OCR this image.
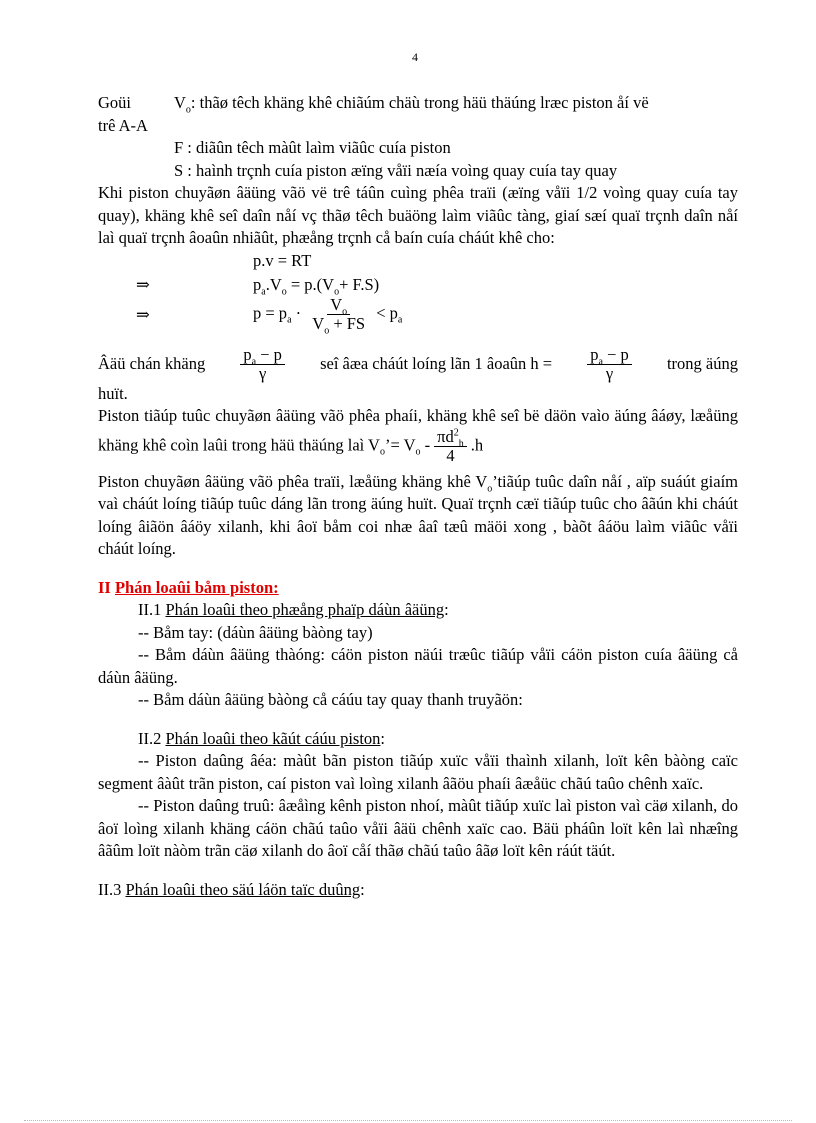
4
Goüi	$V_o$: thãø têch khäng khê chiãúm chäù trong häü thäúng lræc piston åí vë

trê A-A

F : diãûn têch màût laìm viãûc cuía piston

S : haình trçnh cuía piston æïng våïi næía voìng quay cuía tay quay

Khi piston chuyãøn âäüng vãö vë trê táûn cuìng phêa traïi (æïng våïi 1/2 voìng quay cuía tay quay), khäng khê seî daîn nåí vç thãø têch buäöng laìm viãûc tàng, giaí sæí quaï trçnh daîn nåí laì quaï trçnh âoaûn nhiãût, phæång trçnh cå baín cuía cháút khê cho:

p.v = RT
⇒	$p_a.V_o = p.(V_o+ F.S)$
⇒	$p = p_a \cdot \frac{V_o}{V_o + FS} < p_a$
Âäü chán khäng $\frac{p_a - p}{\gamma}$ seî âæa cháút loíng lãn 1 âoaûn $h = \frac{p_a - p}{\gamma}$ trong äúng

huït.

Piston tiãúp tuûc chuyãøn âäüng vãö phêa phaíi, khäng khê seî bë däön vaìo äúng âáøy, læåüng khäng khê coìn laûi trong häü thäúng laì $V_o’= V_o - \frac{\pi d^2_h}{4} .h$

Piston chuyãøn âäüng vãö phêa traïi, læåüng khäng khê $V_o’tiãúp$ tuûc daîn nåí , aïp suáút giaím vaì cháút loíng tiãúp tuûc dáng lãn trong äúng huït. Quaï trçnh cæï tiãúp tuûc cho âãún khi cháút loíng âiãön âáöy xilanh, khi âoï båm coi nhæ âaî tæû mäöi xong , bàõt âáöu laìm viãûc våïi cháút loíng.

II Phán loaûi båm piston:

II.1 Phán loaûi theo phæång phaïp dáùn âäüng:

-- Båm tay: (dáùn âäüng bàòng tay)

-- Båm dáùn âäüng thàóng: cáön piston näúi træûc tiãúp våïi cáön piston cuía âäüng cå dáùn âäüng.

-- Båm dáùn âäüng bàòng cå cáúu tay quay thanh truyãön:

II.2 Phán loaûi theo kãút cáúu piston:

-- Piston daûng âéa: màût bãn piston tiãúp xuïc våïi thaình xilanh, loït kên bàòng caïc segment âàût trãn piston, caí piston vaì loìng xilanh âãöu phaíi âæåüc chãú taûo chênh xaïc.

-- Piston daûng truû: âæåìng kênh piston nhoí, màût tiãúp xuïc laì piston vaì cäø xilanh, do âoï loìng xilanh khäng cáön chãú taûo våïi âäü chênh xaïc cao. Bäü pháûn loït kên laì nhæîng âãûm loït nàòm trãn cäø xilanh do âoï cåí thãø chãú taûo âãø loït kên ráút täút.

II.3 Phán loaûi theo säú láön taïc duûng:
